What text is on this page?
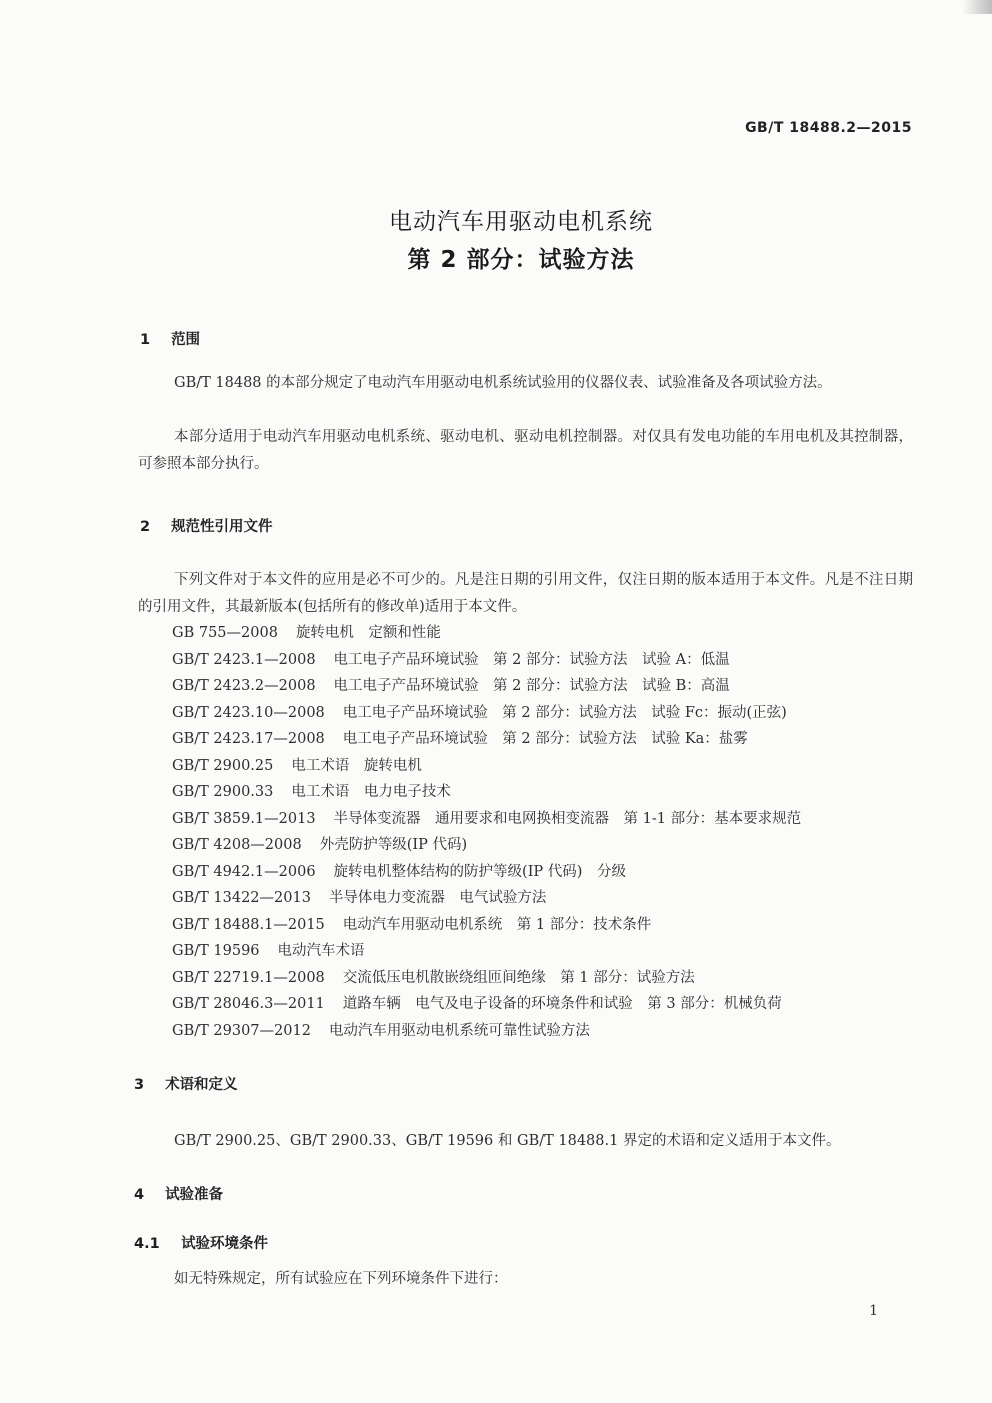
GB/T 18488.2—2015
电动汽车用驱动电机系统
第 2 部分：试验方法
1 范围

GB/T 18488 的本部分规定了电动汽车用驱动电机系统试验用的仪器仪表、试验准备及各项试验方法。

本部分适用于电动汽车用驱动电机系统、驱动电机、驱动电机控制器。对仅具有发电功能的车用电机及其控制器，可参照本部分执行。

2 规范性引用文件

下列文件对于本文件的应用是必不可少的。凡是注日期的引用文件，仅注日期的版本适用于本文件。凡是不注日期的引用文件，其最新版本(包括所有的修改单)适用于本文件。

GB 755—2008 旋转电机　定额和性能
GB/T 2423.1—2008 电工电子产品环境试验　第 2 部分：试验方法　试验 A：低温
GB/T 2423.2—2008 电工电子产品环境试验　第 2 部分：试验方法　试验 B：高温
GB/T 2423.10—2008 电工电子产品环境试验　第 2 部分：试验方法　试验 Fc：振动(正弦)
GB/T 2423.17—2008 电工电子产品环境试验　第 2 部分：试验方法　试验 Ka：盐雾
GB/T 2900.25 电工术语　旋转电机
GB/T 2900.33 电工术语　电力电子技术
GB/T 3859.1—2013 半导体变流器　通用要求和电网换相变流器　第 1-1 部分：基本要求规范
GB/T 4208—2008 外壳防护等级(IP 代码)
GB/T 4942.1—2006 旋转电机整体结构的防护等级(IP 代码)　分级
GB/T 13422—2013 半导体电力变流器　电气试验方法
GB/T 18488.1—2015 电动汽车用驱动电机系统　第 1 部分：技术条件
GB/T 19596 电动汽车术语
GB/T 22719.1—2008 交流低压电机散嵌绕组匝间绝缘　第 1 部分：试验方法
GB/T 28046.3—2011 道路车辆　电气及电子设备的环境条件和试验　第 3 部分：机械负荷
GB/T 29307—2012 电动汽车用驱动电机系统可靠性试验方法
3 术语和定义

GB/T 2900.25、GB/T 2900.33、GB/T 19596 和 GB/T 18488.1 界定的术语和定义适用于本文件。

4 试验准备
4.1 试验环境条件

如无特殊规定，所有试验应在下列环境条件下进行：

1
